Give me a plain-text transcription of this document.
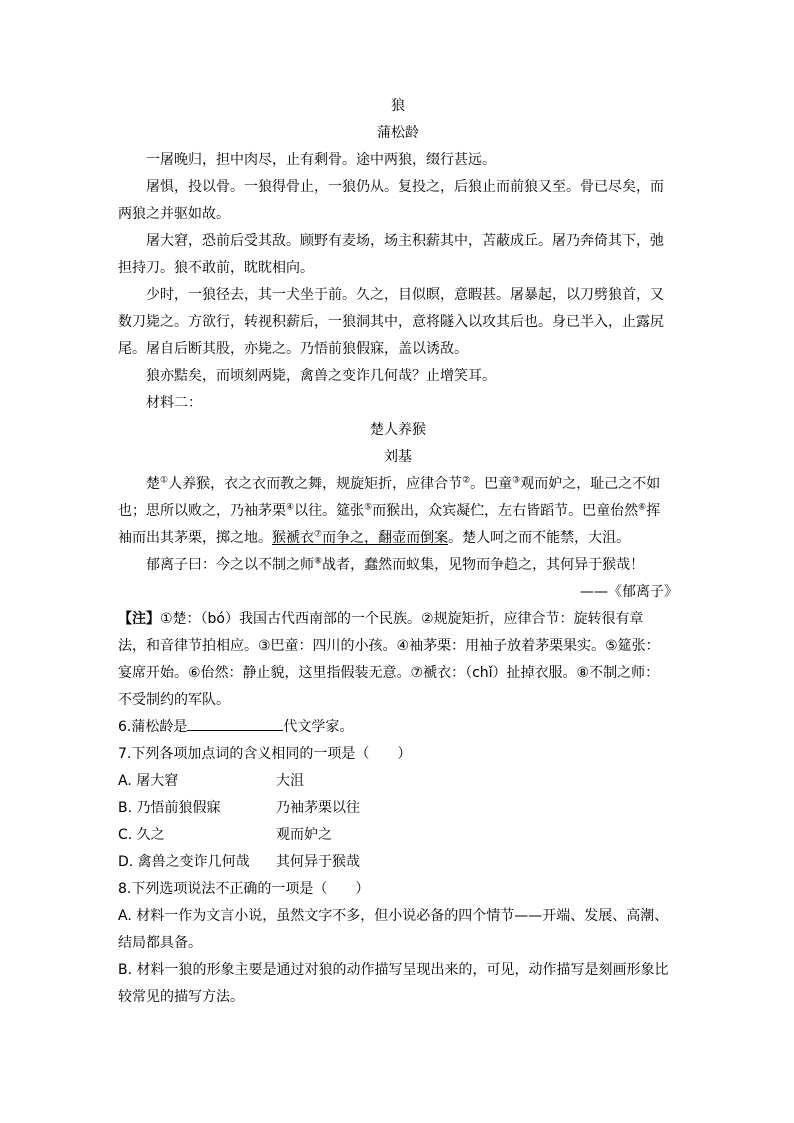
狼
蒲松龄
一屠晚归，担中肉尽，止有剩骨。途中两狼，缀行甚远。
屠惧，投以骨。一狼得骨止，一狼仍从。复投之，后狼止而前狼又至。骨已尽矣，而
两狼之并驱如故。
屠大窘，恐前后受其敌。顾野有麦场，场主积薪其中，苫蔽成丘。屠乃奔倚其下，弛
担持刀。狼不敢前，眈眈相向。
少时，一狼径去，其一犬坐于前。久之，目似瞑，意暇甚。屠暴起，以刀劈狼首，又
数刀毙之。方欲行，转视积薪后，一狼洞其中，意将隧入以攻其后也。身已半入，止露尻
尾。屠自后断其股，亦毙之。乃悟前狼假寐，盖以诱敌。
狼亦黠矣，而顷刻两毙，禽兽之变诈几何哉？止增笑耳。
材料二：
楚人养猴
刘基
楚①人养猴，衣之衣而教之舞，规旋矩折，应律合节②。巴童③观而妒之，耻己之不如
也；思所以败之，乃袖茅栗④以往。筵张⑤而猴出，众宾凝伫，左右皆蹈节。巴童佁然⑥挥
袖而出其茅栗，掷之地。猴褫衣⑦而争之，翻壶而倒案。楚人呵之而不能禁，大沮。
郁离子曰：今之以不制之师⑧战者，蠢然而蚁集，见物而争趋之，其何异于猴哉！
——《郁离子》
【注】①楚：（bó）我国古代西南部的一个民族。②规旋矩折，应律合节：旋转很有章
法，和音律节拍相应。③巴童：四川的小孩。④袖茅栗：用袖子放着茅栗果实。⑤筵张：
宴席开始。⑥佁然：静止貌，这里指假装无意。⑦褫衣：（chǐ）扯掉衣服。⑧不制之师：
不受制约的军队。
6.蒲松龄是	代文学家。
7.下列各项加点词的含义相同的一项是（　　）
A. 屠大窘	大沮
B. 乃悟前狼假寐	乃袖茅栗以往
C. 久之	观而妒之
D. 禽兽之变诈几何哉	其何异于猴哉
8.下列选项说法不正确的一项是（　　）
A. 材料一作为文言小说，虽然文字不多，但小说必备的四个情节——开端、发展、高潮、
结局都具备。
B. 材料一狼的形象主要是通过对狼的动作描写呈现出来的，可见，动作描写是刻画形象比
较常见的描写方法。
